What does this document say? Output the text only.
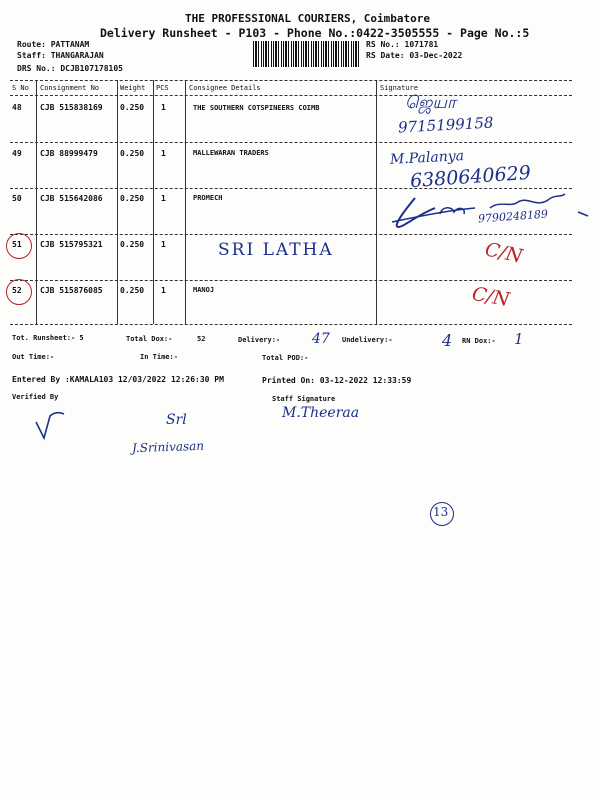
THE PROFESSIONAL COURIERS, Coimbatore
Delivery Runsheet - P103 - Phone No.:0422-3505555 - Page No.:5
Route: PATTANAM
Staff: THANGARAJAN
DRS No.: DCJB107178105
RS No.: 1071781
RS Date: 03-Dec-2022
S No Consignment No	Weight PCS	Consignee Details	Signature
48 CJB 515838169 0.250 1	THE SOUTHERN COTSPINEERS COIMB	ஜெயா
9715199158
49 CJB 88999479	0.250 1	MALLEWARAN TRADERS	M.Palanya
6380640629
50 CJB 515642086 0.250 1	PROMECH
9790248189
51 CJB 515795321 0.250 1	SRI LATHA	C/N
52 CJB 515876085 0.250 1	MANOJ	C/N
Tot. Runsheet:- 5	Total Dox:-	52	Delivery:- 47 Undelivery:-	4 RN Dox:- 1
Out Time:-	In Time:-	Total POD:-
Entered By :KAMALA103 12/03/2022 12:26:30 PM	Printed On: 03-12-2022 12:33:59
Verified By	Staff Signature
Srl
J.Srinivasan
M.Theeraa
13
